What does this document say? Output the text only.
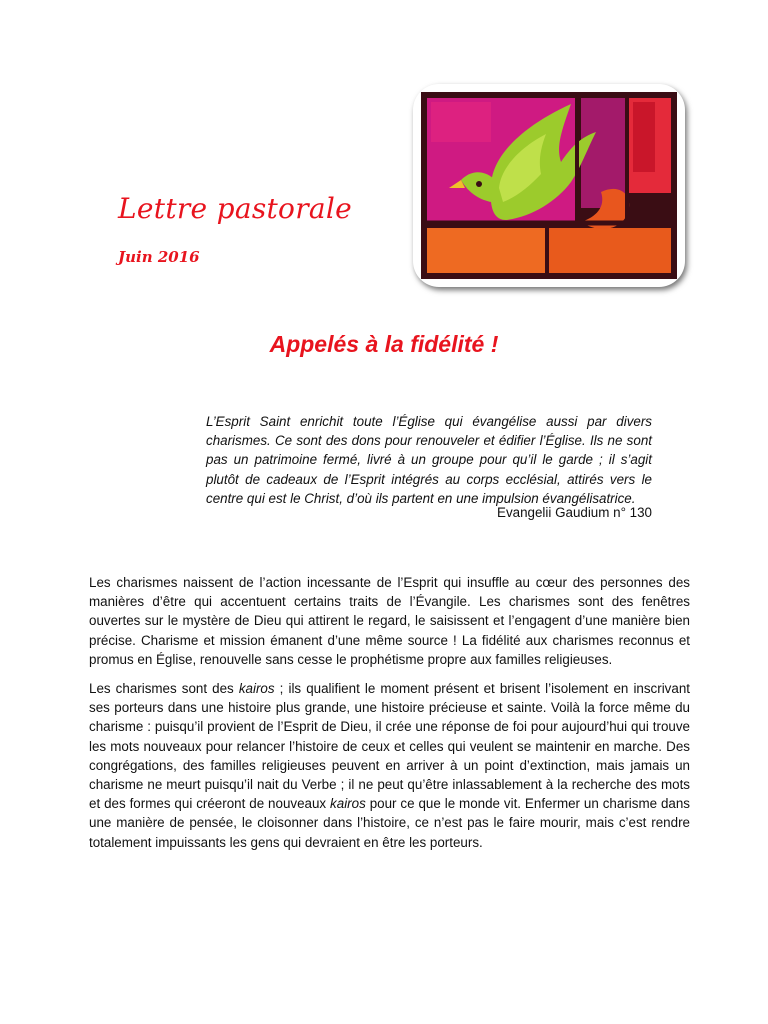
Lettre pastorale
Juin 2016
Appelés à la fidélité !
L’Esprit Saint enrichit toute l’Église qui évangélise aussi par divers charismes. Ce sont des dons pour renouveler et édifier l’Église. Ils ne sont pas un patrimoine fermé, livré à un groupe pour qu’il le garde ; il s’agit plutôt de cadeaux de l’Esprit intégrés au corps ecclésial, attirés vers le centre qui est le Christ, d’où ils partent en une impulsion évangélisatrice.
Evangelii Gaudium n° 130

Les charismes naissent de l’action incessante de l’Esprit qui insuffle au cœur des personnes des manières d’être qui accentuent certains traits de l’Évangile. Les charismes sont des fenêtres ouvertes sur le mystère de Dieu qui attirent le regard, le saisissent et l’engagent d’une manière bien précise. Charisme et mission émanent d’une même source ! La fidélité aux charismes reconnus et promus en Église, renouvelle sans cesse le prophétisme propre aux familles religieuses.

Les charismes sont des kairos ; ils qualifient le moment présent et brisent l’isolement en inscrivant ses porteurs dans une histoire plus grande, une histoire précieuse et sainte. Voilà la force même du charisme : puisqu’il provient de l’Esprit de Dieu, il crée une réponse de foi pour aujourd’hui qui trouve les mots nouveaux pour relancer l’histoire de ceux et celles qui veulent se maintenir en marche. Des congrégations, des familles religieuses peuvent en arriver à un point d’extinction, mais jamais un charisme ne meurt puisqu’il nait du Verbe ; il ne peut qu’être inlassablement à la recherche des mots et des formes qui créeront de nouveaux kairos pour ce que le monde vit. Enfermer un charisme dans une manière de pensée, le cloisonner dans l’histoire, ce n’est pas le faire mourir, mais c’est rendre totalement impuissants les gens qui devraient en être les porteurs.
